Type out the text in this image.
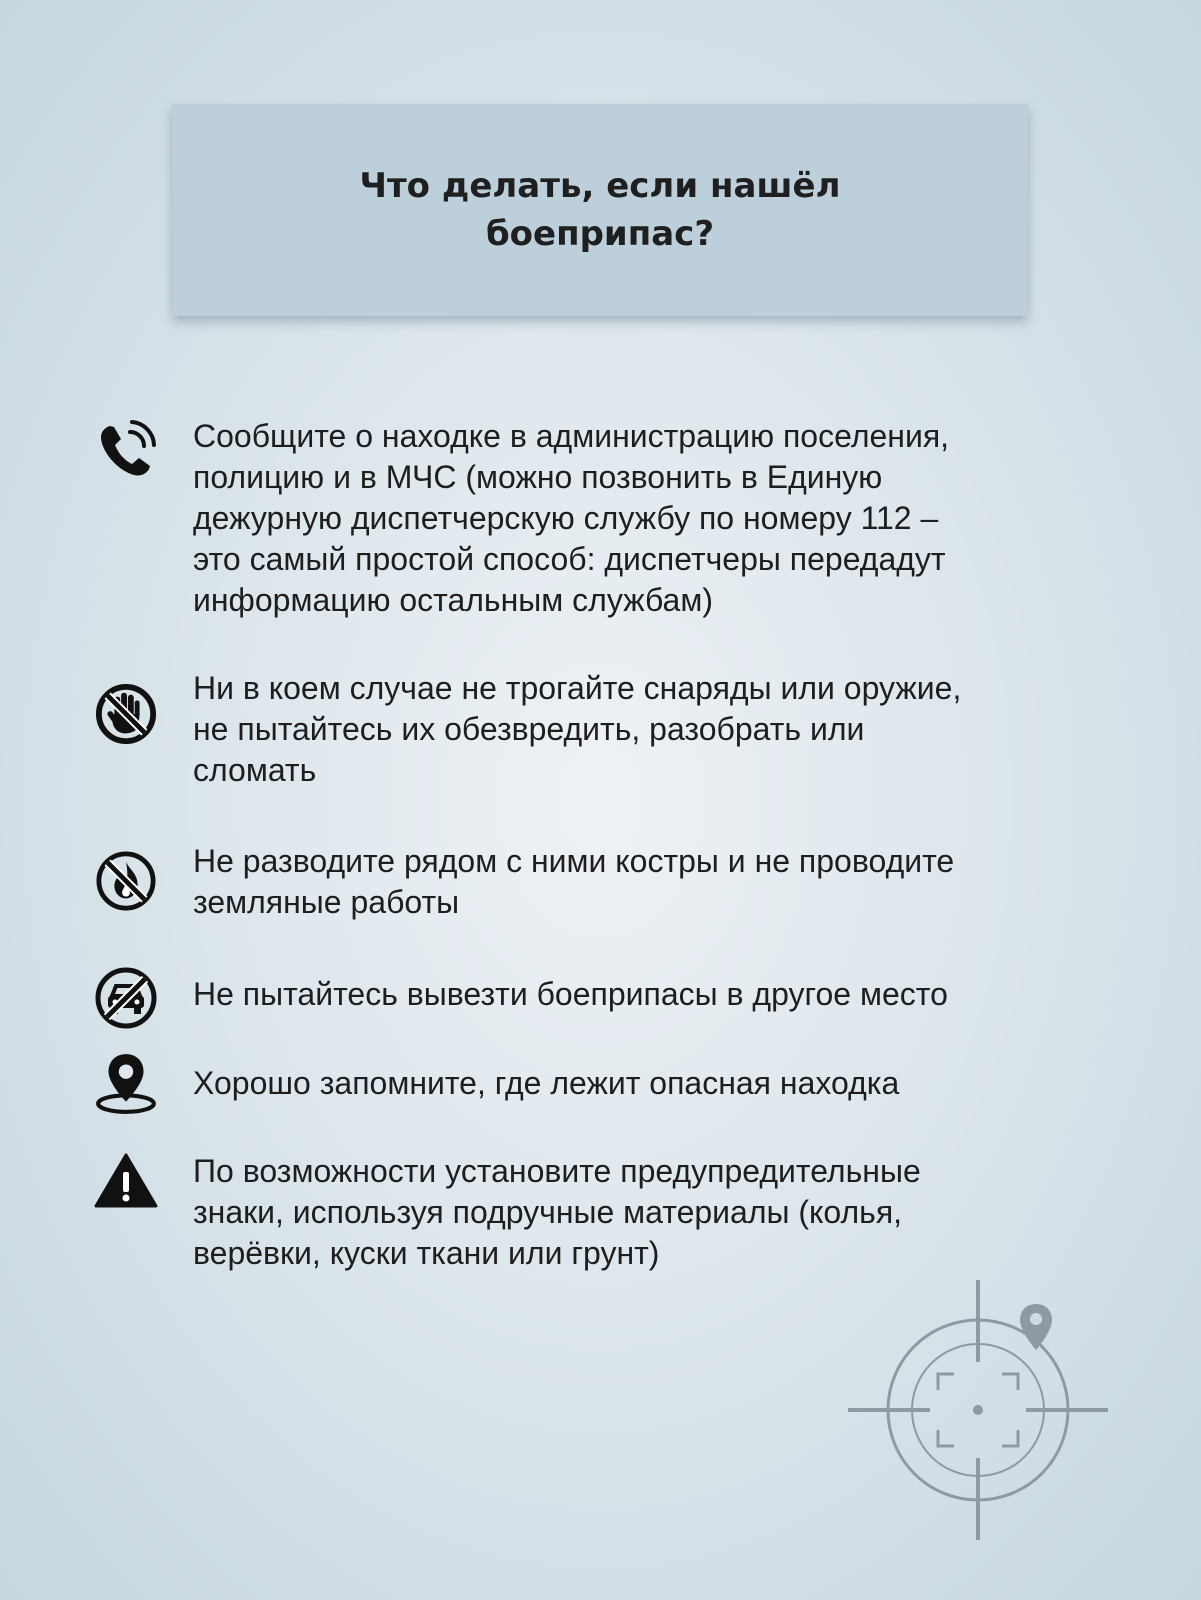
Что делать, если нашёл боеприпас?

Сообщите о находке в администрацию поселения,
полицию и в МЧС (можно позвонить в Единую
дежурную диспетчерскую службу по номеру 112 –
это самый простой способ: диспетчеры передадут
информацию остальным службам)

Ни в коем случае не трогайте снаряды или оружие,
не пытайтесь их обезвредить, разобрать или
сломать

Не разводите рядом с ними костры и не проводите
земляные работы

Не пытайтесь вывезти боеприпасы в другое место

Хорошо запомните, где лежит опасная находка

По возможности установите предупредительные
знаки, используя подручные материалы (колья,
верёвки, куски ткани или грунт)
